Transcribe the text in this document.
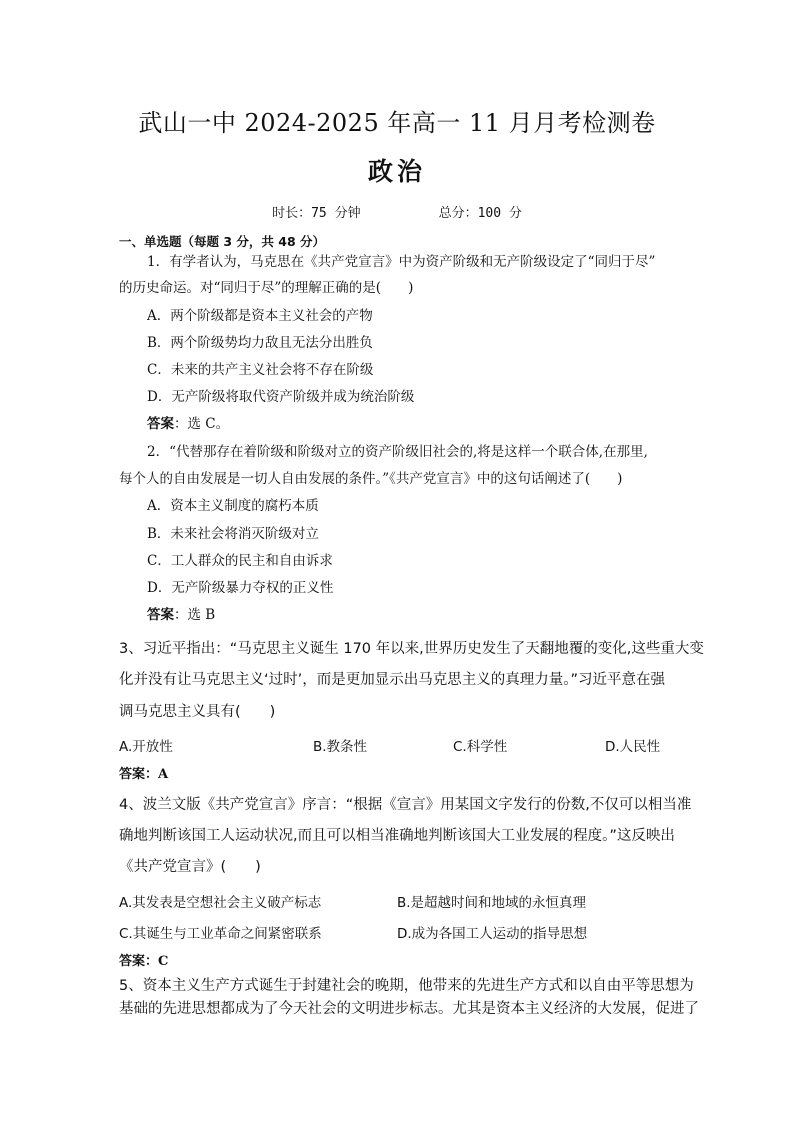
武山一中 2024-2025 年高一 11 月月考检测卷
政治
时长：75 分钟	总分：100 分
一、单选题（每题 3 分，共 48 分）
1．有学者认为，马克思在《共产党宣言》中为资产阶级和无产阶级设定了“同归于尽”
的历史命运。对“同归于尽”的理解正确的是(　　)
A．两个阶级都是资本主义社会的产物
B．两个阶级势均力敌且无法分出胜负
C．未来的共产主义社会将不存在阶级
D．无产阶级将取代资产阶级并成为统治阶级
答案：选 C。
2．“代替那存在着阶级和阶级对立的资产阶级旧社会的,将是这样一个联合体,在那里,
每个人的自由发展是一切人自由发展的条件。”《共产党宣言》中的这句话阐述了(　　)
A．资本主义制度的腐朽本质
B．未来社会将消灭阶级对立
C．工人群众的民主和自由诉求
D．无产阶级暴力夺权的正义性
答案：选 B
3、习近平指出：“马克思主义诞生 170 年以来,世界历史发生了天翻地覆的变化,这些重大变
化并没有让马克思主义‘过时’，而是更加显示出马克思主义的真理力量。”习近平意在强
调马克思主义具有(　　)
A.开放性	B.教条性	C.科学性	D.人民性
答案：A
4、波兰文版《共产党宣言》序言：“根据《宣言》用某国文字发行的份数,不仅可以相当准
确地判断该国工人运动状况,而且可以相当准确地判断该国大工业发展的程度。”这反映出
《共产党宣言》(　　)
A.其发表是空想社会主义破产标志	B.是超越时间和地域的永恒真理
C.其诞生与工业革命之间紧密联系	D.成为各国工人运动的指导思想
答案：C
5、资本主义生产方式诞生于封建社会的晚期，他带来的先进生产方式和以自由平等思想为
基础的先进思想都成为了今天社会的文明进步标志。尤其是资本主义经济的大发展，促进了
